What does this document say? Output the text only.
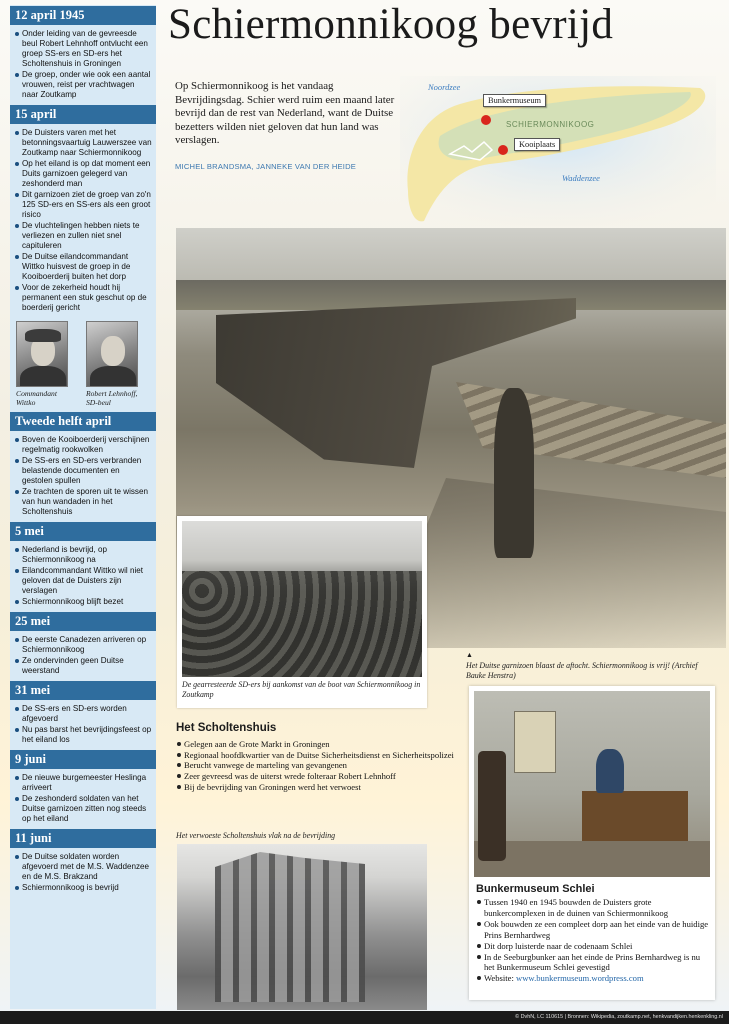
12 april 1945
Onder leiding van de gevreesde beul Robert Lehnhoff ontvlucht een groep SS-ers en SD-ers het Scholtenshuis in Groningen
De groep, onder wie ook een aantal vrouwen, reist per vrachtwagen naar Zoutkamp
15 april
De Duisters varen met het betonningsvaartuig Lauwerszee van Zoutkamp naar Schiermonnikoog
Op het eiland is op dat moment een Duits garnizoen gelegerd van zeshonderd man
Dit garnizoen ziet de groep van zo'n 125 SD-ers en SS-ers als een groot risico
De vluchtelingen hebben niets te verliezen en zullen niet snel capituleren
De Duitse eilandcommandant Wittko huisvest de groep in de Kooiboerderij buiten het dorp
Voor de zekerheid houdt hij permanent een stuk geschut op de boerderij gericht
Commandant Wittko
Robert Lehnhoff, SD-beul
Tweede helft april
Boven de Kooiboerderij verschijnen regelmatig rookwolken
De SS-ers en SD-ers verbranden belastende documenten en gestolen spullen
Ze trachten de sporen uit te wissen van hun wandaden in het Scholtenshuis
5 mei
Nederland is bevrijd, op Schiermonnikoog na
Eilandcommandant Wittko wil niet geloven dat de Duisters zijn verslagen
Schiermonnikoog blijft bezet
25 mei
De eerste Canadezen arriveren op Schiermonnikoog
Ze ondervinden geen Duitse weerstand
31 mei
De SS-ers en SD-ers worden afgevoerd
Nu pas barst het bevrijdingsfeest op het eiland los
9 juni
De nieuwe burgemeester Heslinga arriveert
De zeshonderd soldaten van het Duitse garnizoen zitten nog steeds op het eiland
11 juni
De Duitse soldaten worden afgevoerd met de M.S. Waddenzee en de M.S. Brakzand
Schiermonnikoog is bevrijd
Schiermonnikoog bevrijd

Op Schiermonnikoog is het vandaag Bevrijdingsdag. Schier werd ruim een maand later bevrijd dan de rest van Nederland, want de Duitse bezetters wilden niet geloven dat hun land was verslagen.

MICHEL BRANDSMA, JANNEKE VAN DER HEIDE
Noordzee
Waddenzee
SCHIERMONNIKOOG
Bunkermuseum
Kooiplaats
▲
Het Duitse garnizoen blaast de aftocht. Schiermonnikoog is vrij! (Archief Bauke Henstra)
De gearresteerde SD-ers bij aankomst van de boot van Schiermonnikoog in Zoutkamp
Het Scholtenshuis
Gelegen aan de Grote Markt in Groningen
Regionaal hoofdkwartier van de Duitse Sicherheitsdienst en Sicherheitspolizei
Berucht vanwege de marteling van gevangenen
Zeer gevreesd was de uiterst wrede folteraar Robert Lehnhoff
Bij de bevrijding van Groningen werd het verwoest
Het verwoeste Scholtenshuis vlak na de bevrijding
Bunkermuseum Schlei
Tussen 1940 en 1945 bouwden de Duisters grote bunkercomplexen in de duinen van Schiermonnikoog
Ook bouwden ze een compleet dorp aan het einde van de huidige Prins Bernhardweg
Dit dorp luisterde naar de codenaam Schlei
In de Seeburgbunker aan het einde de Prins Bernhardweg is nu het Bunkermuseum Schlei gevestigd
Website: www.bunkermuseum.wordpress.com
© DvhN, LC 110615 | Bronnen: Wikipedia, zoutkamp.net, henkvandijken.henkenkling.nl
